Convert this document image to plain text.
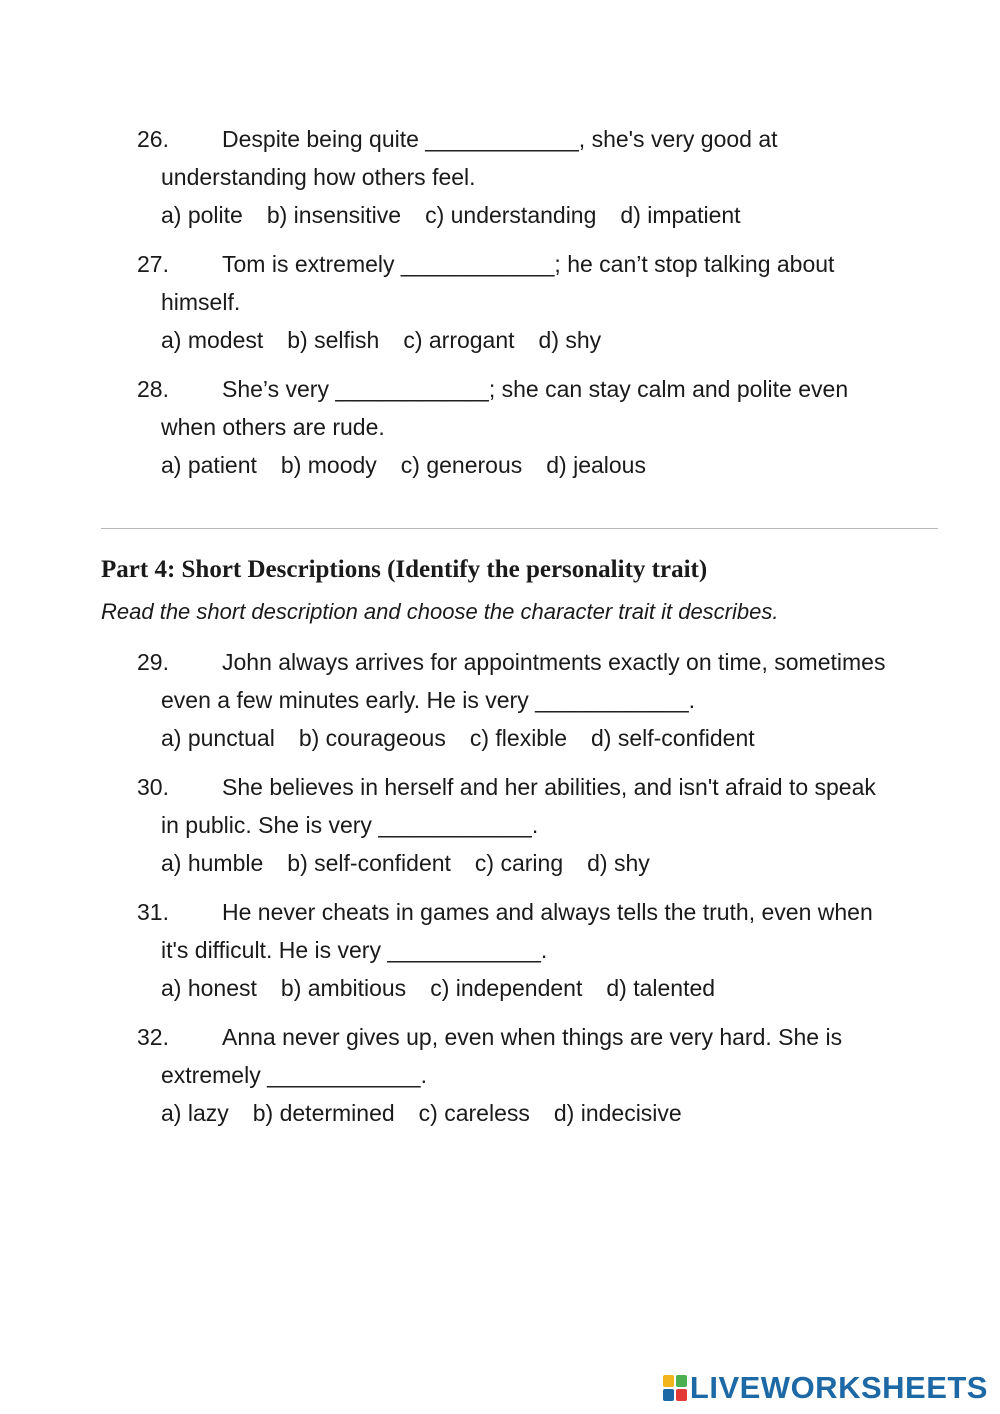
26. Despite being quite ____________, she's very good at
understanding how others feel.
a) polite b) insensitive c) understanding d) impatient
27. Tom is extremely ____________; he can’t stop talking about
himself.
a) modest b) selfish c) arrogant d) shy
28. She’s very ____________; she can stay calm and polite even
when others are rude.
a) patient b) moody c) generous d) jealous
Part 4: Short Descriptions (Identify the personality trait)
Read the short description and choose the character trait it describes.
29. John always arrives for appointments exactly on time, sometimes
even a few minutes early. He is very ____________.
a) punctual b) courageous c) flexible d) self-confident
30. She believes in herself and her abilities, and isn't afraid to speak
in public. She is very ____________.
a) humble b) self-confident c) caring d) shy
31. He never cheats in games and always tells the truth, even when
it's difficult. He is very ____________.
a) honest b) ambitious c) independent d) talented
32. Anna never gives up, even when things are very hard. She is
extremely ____________.
a) lazy b) determined c) careless d) indecisive
LIVEWORKSHEETS
